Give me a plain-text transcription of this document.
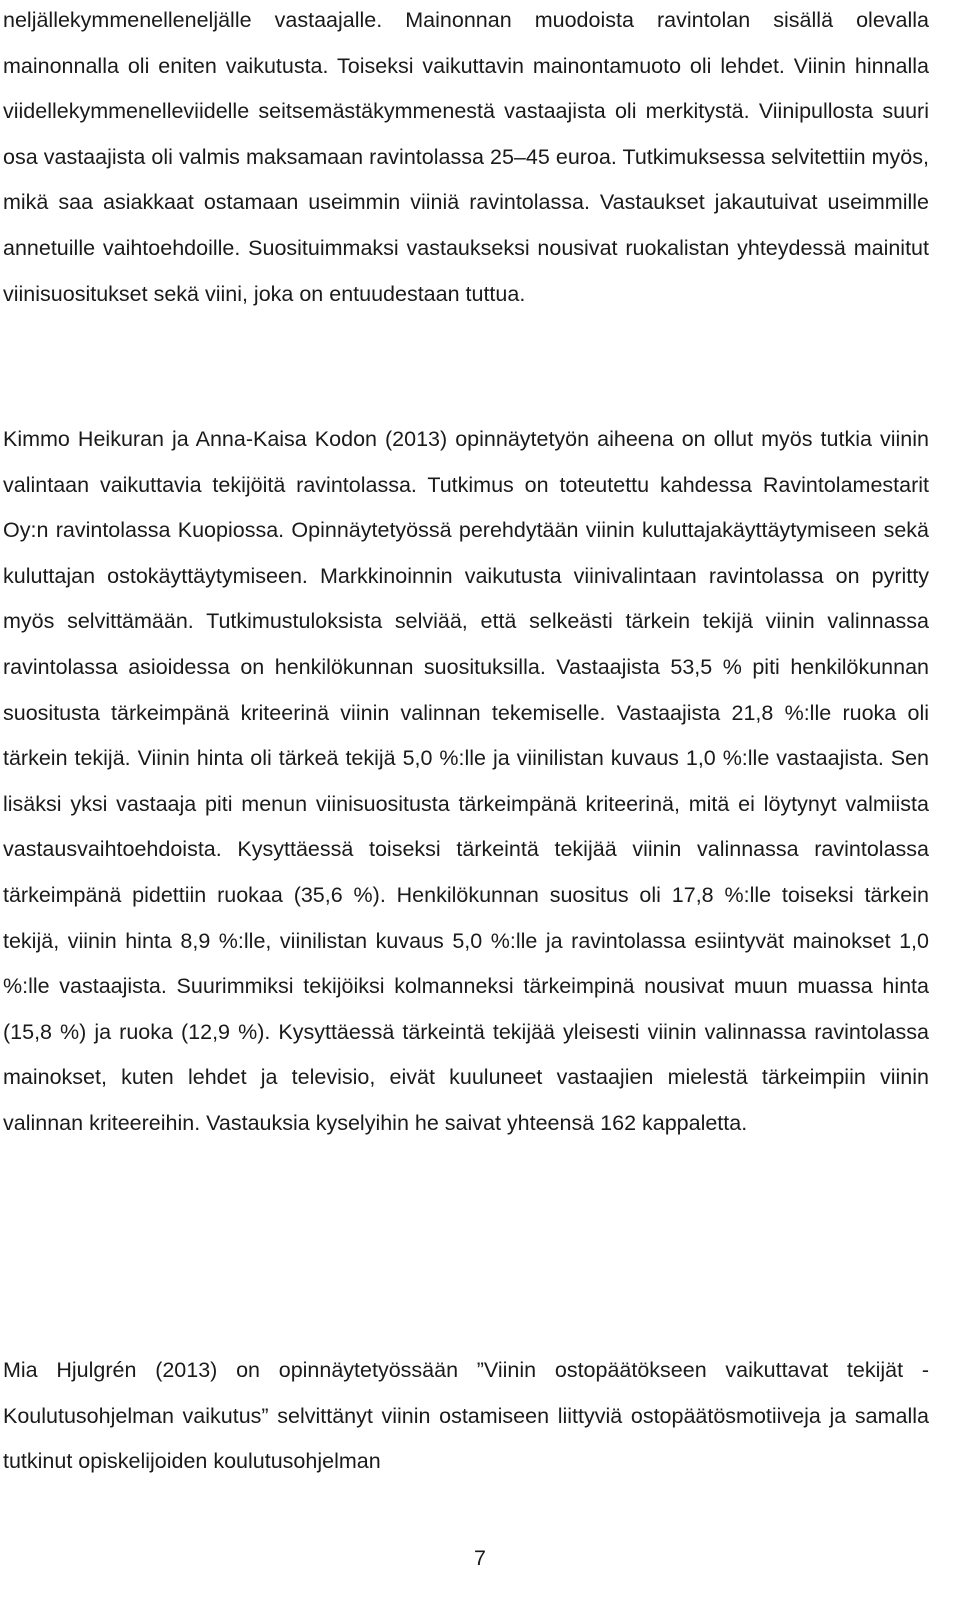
neljällekymmenelleneljälle vastaajalle. Mainonnan muodoista ravintolan sisällä olevalla mainonnalla oli eniten vaikutusta. Toiseksi vaikuttavin mainontamuoto oli lehdet. Viinin hinnalla viidellekymmenelleviidelle seitsemästäkymmenestä vastaajista oli merkitystä. Viinipullosta suuri osa vastaajista oli valmis maksamaan ravintolassa 25–45 euroa. Tutkimuksessa selvitettiin myös, mikä saa asiakkaat ostamaan useimmin viiniä ravintolassa. Vastaukset jakautuivat useimmille annetuille vaihtoehdoille. Suosituimmaksi vastaukseksi nousivat ruokalistan yhteydessä mainitut viinisuositukset sekä viini, joka on entuudestaan tuttua.

Kimmo Heikuran ja Anna-Kaisa Kodon (2013) opinnäytetyön aiheena on ollut myös tutkia viinin valintaan vaikuttavia tekijöitä ravintolassa. Tutkimus on toteutettu kahdessa Ravintolamestarit Oy:n ravintolassa Kuopiossa. Opinnäytetyössä perehdytään viinin kuluttajakäyttäytymiseen sekä kuluttajan ostokäyttäytymiseen. Markkinoinnin vaikutusta viinivalintaan ravintolassa on pyritty myös selvittämään. Tutkimustuloksista selviää, että selkeästi tärkein tekijä viinin valinnassa ravintolassa asioidessa on henkilökunnan suosituksilla. Vastaajista 53,5 % piti henkilökunnan suositusta tärkeimpänä kriteerinä viinin valinnan tekemiselle. Vastaajista 21,8 %:lle ruoka oli tärkein tekijä. Viinin hinta oli tärkeä tekijä 5,0 %:lle ja viinilistan kuvaus 1,0 %:lle vastaajista. Sen lisäksi yksi vastaaja piti menun viinisuositusta tärkeimpänä kriteerinä, mitä ei löytynyt valmiista vastausvaihtoehdoista. Kysyttäessä toiseksi tärkeintä tekijää viinin valinnassa ravintolassa tärkeimpänä pidettiin ruokaa (35,6 %). Henkilökunnan suositus oli 17,8 %:lle toiseksi tärkein tekijä, viinin hinta 8,9 %:lle, viinilistan kuvaus 5,0 %:lle ja ravintolassa esiintyvät mainokset 1,0 %:lle vastaajista. Suurimmiksi tekijöiksi kolmanneksi tärkeimpinä nousivat muun muassa hinta (15,8 %) ja ruoka (12,9 %). Kysyttäessä tärkeintä tekijää yleisesti viinin valinnassa ravintolassa mainokset, kuten lehdet ja televisio, eivät kuuluneet vastaajien mielestä tärkeimpiin viinin valinnan kriteereihin. Vastauksia kyselyihin he saivat yhteensä 162 kappaletta.

Mia Hjulgrén (2013) on opinnäytetyössään ”Viinin ostopäätökseen vaikuttavat tekijät - Koulutusohjelman vaikutus” selvittänyt viinin ostamiseen liittyviä ostopäätösmotiiveja ja samalla tutkinut opiskelijoiden koulutusohjelman

7
